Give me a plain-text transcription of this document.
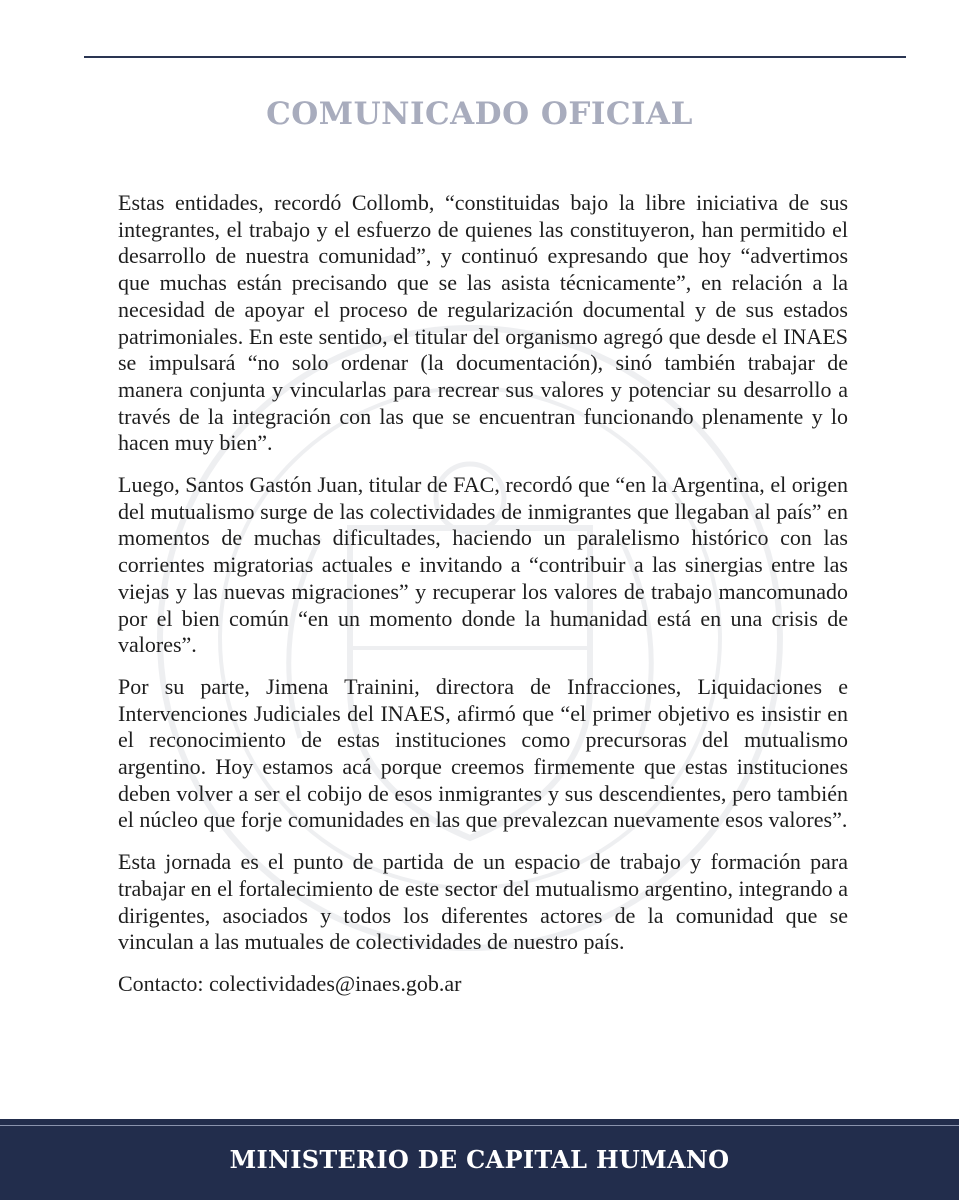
COMUNICADO OFICIAL

Estas entidades, recordó Collomb, “constituidas bajo la libre iniciativa de sus integrantes, el trabajo y el esfuerzo de quienes las constituyeron, han permitido el desarrollo de nuestra comunidad”, y continuó expresando que hoy “advertimos que muchas están precisando que se las asista técnicamente”, en relación a la necesidad de apoyar el proceso de regularización documental y de sus estados patrimoniales. En este sentido, el titular del organismo agregó que desde el INAES se impulsará “no solo ordenar (la documentación), sinó también trabajar de manera conjunta y vincularlas para recrear sus valores y potenciar su desarrollo a través de la integración con las que se encuentran funcionando plenamente y lo hacen muy bien”.

Luego, Santos Gastón Juan, titular de FAC, recordó que “en la Argentina, el origen del mutualismo surge de las colectividades de inmigrantes que llegaban al país” en momentos de muchas dificultades, haciendo un paralelismo histórico con las corrientes migratorias actuales e invitando a “contribuir a las sinergias entre las viejas y las nuevas migraciones” y recuperar los valores de trabajo mancomunado por el bien común “en un momento donde la humanidad está en una crisis de valores”.

Por su parte, Jimena Trainini, directora de Infracciones, Liquidaciones e Intervenciones Judiciales del INAES, afirmó que “el primer objetivo es insistir en el reconocimiento de estas instituciones como precursoras del mutualismo argentino. Hoy estamos acá porque creemos firmemente que estas instituciones deben volver a ser el cobijo de esos inmigrantes y sus descendientes, pero también el núcleo que forje comunidades en las que prevalezcan nuevamente esos valores”.

Esta jornada es el punto de partida de un espacio de trabajo y formación para trabajar en el fortalecimiento de este sector del mutualismo argentino, integrando a dirigentes, asociados y todos los diferentes actores de la comunidad que se vinculan a las mutuales de colectividades de nuestro país.

Contacto: colectividades@inaes.gob.ar

MINISTERIO DE CAPITAL HUMANO
